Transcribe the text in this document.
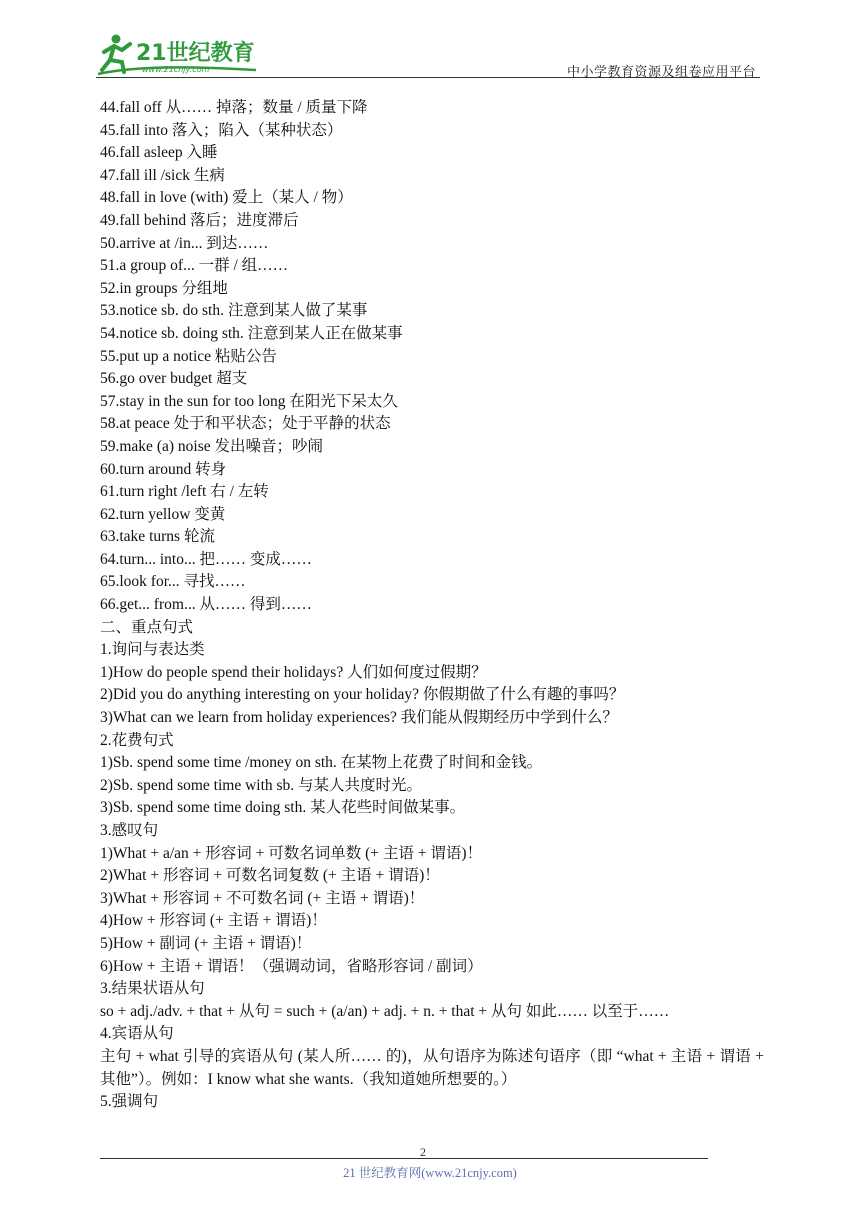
21世纪教育
www.21cnjy.com	中小学教育资源及组卷应用平台
44.fall off 从…… 掉落；数量 / 质量下降
45.fall into 落入；陷入（某种状态）
46.fall asleep 入睡
47.fall ill /sick 生病
48.fall in love (with) 爱上（某人 / 物）
49.fall behind 落后；进度滞后
50.arrive at /in... 到达……
51.a group of... 一群 / 组……
52.in groups 分组地
53.notice sb. do sth. 注意到某人做了某事
54.notice sb. doing sth. 注意到某人正在做某事
55.put up a notice 粘贴公告
56.go over budget 超支
57.stay in the sun for too long 在阳光下呆太久
58.at peace 处于和平状态；处于平静的状态
59.make (a) noise 发出噪音；吵闹
60.turn around 转身
61.turn right /left 右 / 左转
62.turn yellow 变黄
63.take turns 轮流
64.turn... into... 把…… 变成……
65.look for... 寻找……
66.get... from... 从…… 得到……
二、重点句式
1.询问与表达类
1)How do people spend their holidays? 人们如何度过假期？
2)Did you do anything interesting on your holiday? 你假期做了什么有趣的事吗？
3)What can we learn from holiday experiences? 我们能从假期经历中学到什么？
2.花费句式
1)Sb. spend some time /money on sth. 在某物上花费了时间和金钱。
2)Sb. spend some time with sb. 与某人共度时光。
3)Sb. spend some time doing sth. 某人花些时间做某事。
3.感叹句
1)What + a/an + 形容词 + 可数名词单数 (+ 主语 + 谓语)！
2)What + 形容词 + 可数名词复数 (+ 主语 + 谓语)！
3)What + 形容词 + 不可数名词 (+ 主语 + 谓语)！
4)How + 形容词 (+ 主语 + 谓语)！
5)How + 副词 (+ 主语 + 谓语)！
6)How + 主语 + 谓语！（强调动词，省略形容词 / 副词）
3.结果状语从句
so + adj./adv. + that + 从句 = such + (a/an) + adj. + n. + that + 从句 如此…… 以至于……
4.宾语从句
主句 + what 引导的宾语从句 (某人所…… 的)，从句语序为陈述句语序（即 “what + 主语 + 谓语 + 其他”）。例如：I know what she wants.（我知道她所想要的。）
5.强调句
2
21 世纪教育网(www.21cnjy.com)
